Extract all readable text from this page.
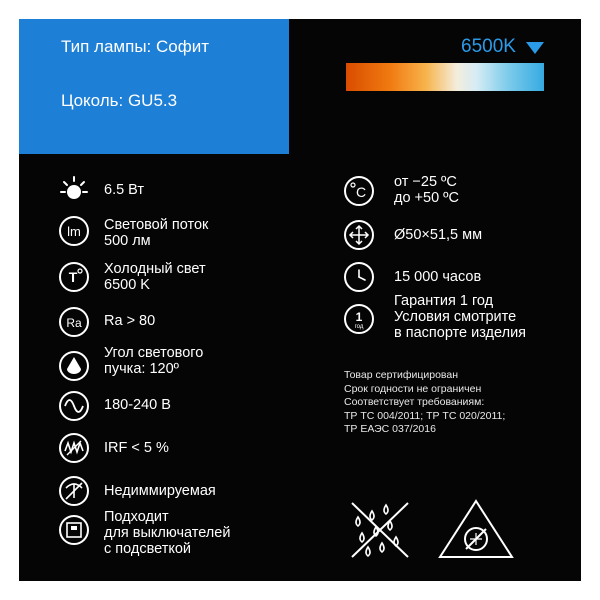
Тип лампы: Софит
Цоколь: GU5.3
6500K
6.5 Вт
lm Световой поток
500 лм
T Холодный свет
6500 K
Ra Ra > 80
Угол светового
пучка: 120º
180-240 В
IRF < 5 %
Недиммируемая
Подходит
для выключателей
с подсветкой
C
от −25 ºС
до +50 ºС
Ø50×51,5 мм
15 000 часов
1
год
Гарантия 1 год
Условия смотрите
в паспорте изделия
Товар сертифицирован
Срок годности не ограничен
Соответствует требованиям:
ТР ТС 004/2011; ТР ТС 020/2011;
ТР ЕАЭС 037/2016
